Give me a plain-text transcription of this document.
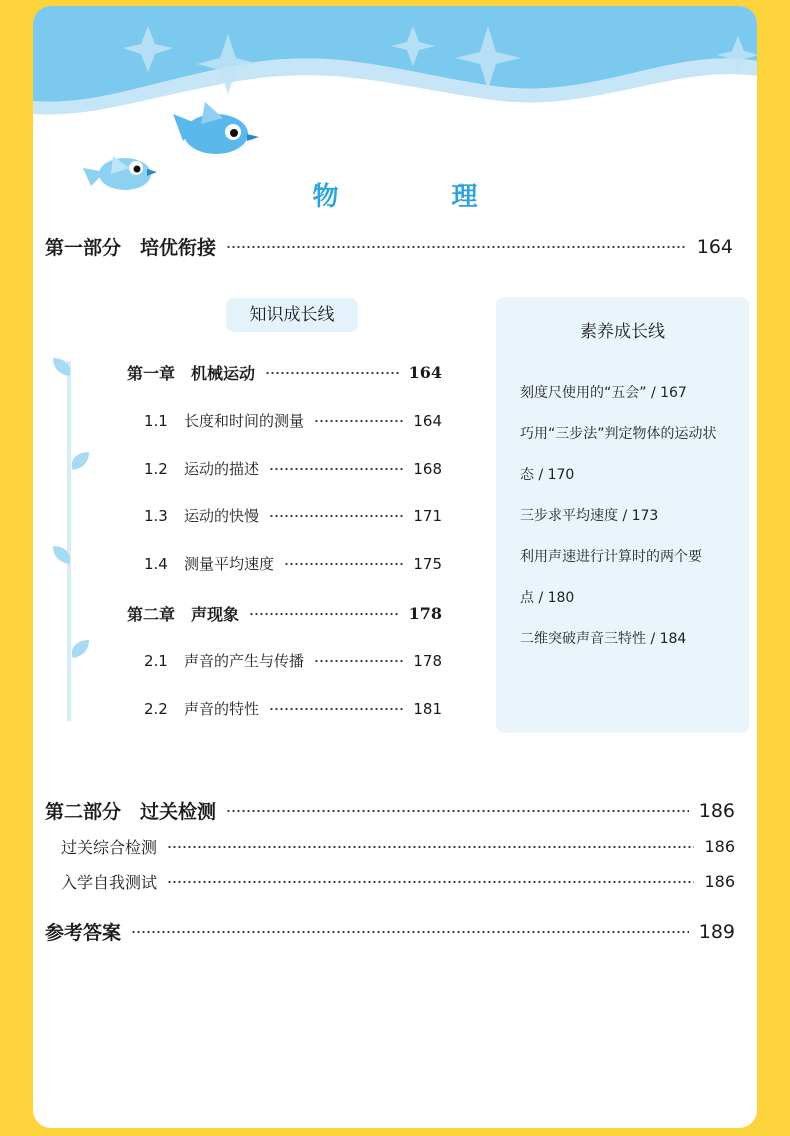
物 理
第一部分　培优衔接	164
知识成长线
第一章　机械运动	164
1.1	长度和时间的测量	164
1.2	运动的描述	168
1.3	运动的快慢	171
1.4	测量平均速度	175
第二章　声现象	178
2.1	声音的产生与传播	178
2.2	声音的特性	181
素养成长线
刻度尺使用的“五会” / 167
巧用“三步法”判定物体的运动状
态 / 170
三步求平均速度 / 173
利用声速进行计算时的两个要
点 / 180
二维突破声音三特性 / 184
第二部分　过关检测	186
过关综合检测	186
入学自我测试	186
参考答案	189
